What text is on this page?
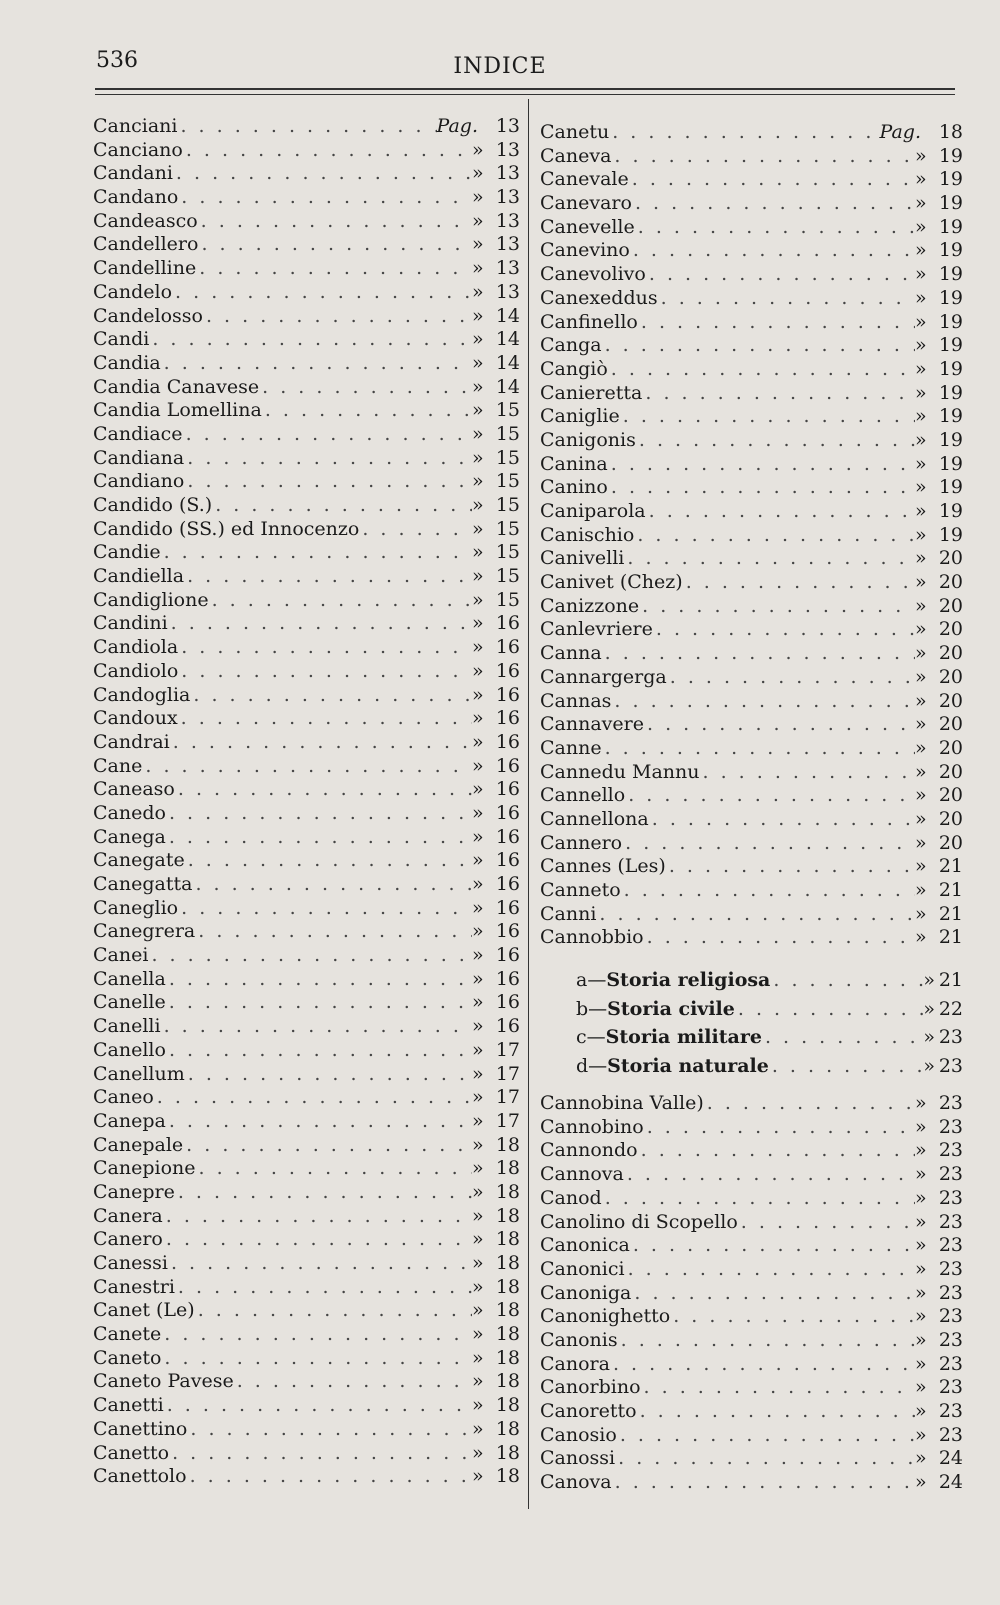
536	INDICE
Canciani . . .	Pag. 13
Canciano . . .	» 13
Candani . . .	» 13
Candano . . .	» 13
Candeasco . . .	» 13
Candellero . . .	» 13
Candelline . . .	» 13
Candelo . . .	» 13
Candelosso . . .	» 14
Candi . . .	» 14
Candia . . .	» 14
Candia Canavese . . .	» 14
Candia Lomellina . . .	» 15
Candiace . . .	» 15
Candiana . . .	» 15
Candiano . . .	» 15
Candido (S.) . . .	» 15
Candido (SS.) ed Innocenzo . . .	» 15
Candie . . .	» 15
Candiella . . .	» 15
Candiglione . . .	» 15
Candini . . .	» 16
Candiola . . .	» 16
Candiolo . . .	» 16
Candoglia . . .	» 16
Candoux . . .	» 16
Candrai . . .	» 16
Cane . . .	» 16
Caneaso . . .	» 16
Canedo . . .	» 16
Canega . . .	» 16
Canegate . . .	» 16
Canegatta . . .	» 16
Caneglio . . .	» 16
Canegrera . . .	» 16
Canei . . .	» 16
Canella . . .	» 16
Canelle . . .	» 16
Canelli . . .	» 16
Canello . . .	» 17
Canellum . . .	» 17
Caneo . . .	» 17
Canepa . . .	» 17
Canepale . . .	» 18
Canepione . . .	» 18
Canepre . . .	» 18
Canera . . .	» 18
Canero . . .	» 18
Canessi . . .	» 18
Canestri . . .	» 18
Canet (Le) . . .	» 18
Canete . . .	» 18
Caneto . . .	» 18
Caneto Pavese . . .	» 18
Canetti . . .	» 18
Canettino . . .	» 18
Canetto . . .	» 18
Canettolo . . .	» 18
Canetu . . .	Pag. 18
Caneva . . .	» 19
Canevale . . .	» 19
Canevaro . . .	» 19
Canevelle . . .	» 19
Canevino . . .	» 19
Canevolivo . . .	» 19
Canexeddus . . .	» 19
Canfinello . . .	» 19
Canga . . .	» 19
Cangiò . . .	» 19
Canieretta . . .	» 19
Caniglie . . .	» 19
Canigonis . . .	» 19
Canina . . .	» 19
Canino . . .	» 19
Caniparola . . .	» 19
Canischio . . .	» 19
Canivelli . . .	» 20
Canivet (Chez) . . .	» 20
Canizzone . . .	» 20
Canlevriere . . .	» 20
Canna . . .	» 20
Cannargerga . . .	» 20
Cannas . . .	» 20
Cannavere . . .	» 20
Canne . . .	» 20
Cannedu Mannu . . .	» 20
Cannello . . .	» 20
Cannellona . . .	» 20
Cannero . . .	» 20
Cannes (Les) . . .	» 21
Canneto . . .	» 21
Canni . . .	» 21
Cannobbio . . .	» 21
a — Storia religiosa . . .	» 21
b — Storia civile . . .	» 22
c — Storia militare . . .	» 23
d — Storia naturale . . .	» 23
Cannobina Valle) . . .	» 23
Cannobino . . .	» 23
Cannondo . . .	» 23
Cannova . . .	» 23
Canod . . .	» 23
Canolino di Scopello . . .	» 23
Canonica . . .	» 23
Canonici . . .	» 23
Canoniga . . .	» 23
Canonighetto . . .	» 23
Canonis . . .	» 23
Canora . . .	» 23
Canorbino . . .	» 23
Canoretto . . .	» 23
Canosio . . .	» 23
Canossi . . .	» 24
Canova . . .	» 24
